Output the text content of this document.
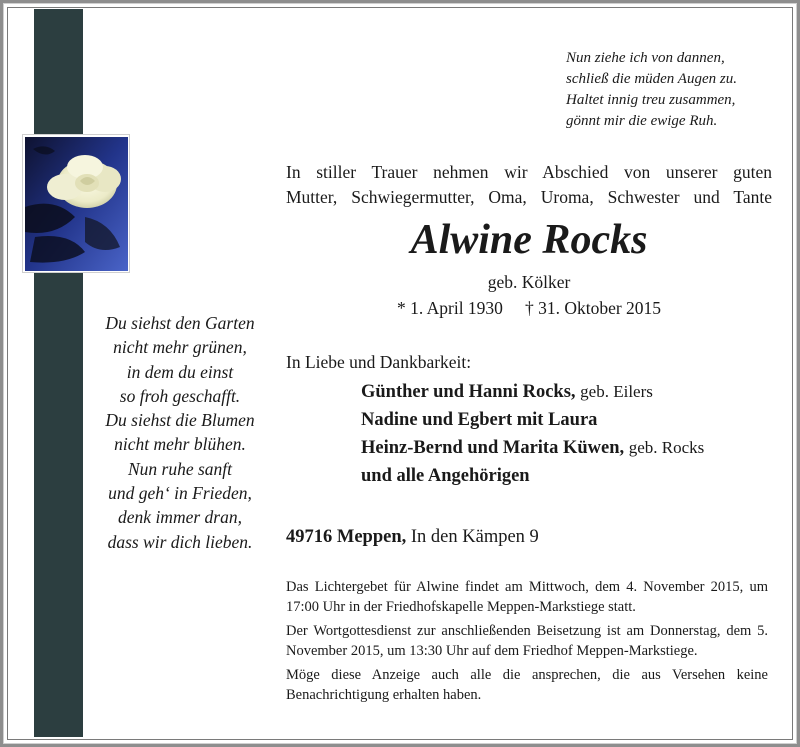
Nun ziehe ich von dannen,
schließ die müden Augen zu.
Haltet innig treu zusammen,
gönnt mir die ewige Ruh.
Du siehst den Garten
nicht mehr grünen,
in dem du einst
so froh geschafft.
Du siehst die Blumen
nicht mehr blühen.
Nun ruhe sanft
und geh‘ in Frieden,
denk immer dran,
dass wir dich lieben.
In stiller Trauer nehmen wir Abschied von unserer guten
Mutter, Schwiegermutter, Oma, Uroma, Schwester und Tante
Alwine Rocks
geb. Kölker
* 1. April 1930 † 31. Oktober 2015
In Liebe und Dankbarkeit:
Günther und Hanni Rocks, geb. Eilers
Nadine und Egbert mit Laura
Heinz-Bernd und Marita Küwen, geb. Rocks
und alle Angehörigen
49716 Meppen, In den Kämpen 9

Das Lichtergebet für Alwine findet am Mittwoch, dem 4. November 2015, um 17:00 Uhr in der Friedhofskapelle Meppen-Markstiege statt.

Der Wortgottesdienst zur anschließenden Beisetzung ist am Donnerstag, dem 5. November 2015, um 13:30 Uhr auf dem Friedhof Meppen-Markstiege.

Möge diese Anzeige auch alle die ansprechen, die aus Versehen keine Benachrichtigung erhalten haben.
